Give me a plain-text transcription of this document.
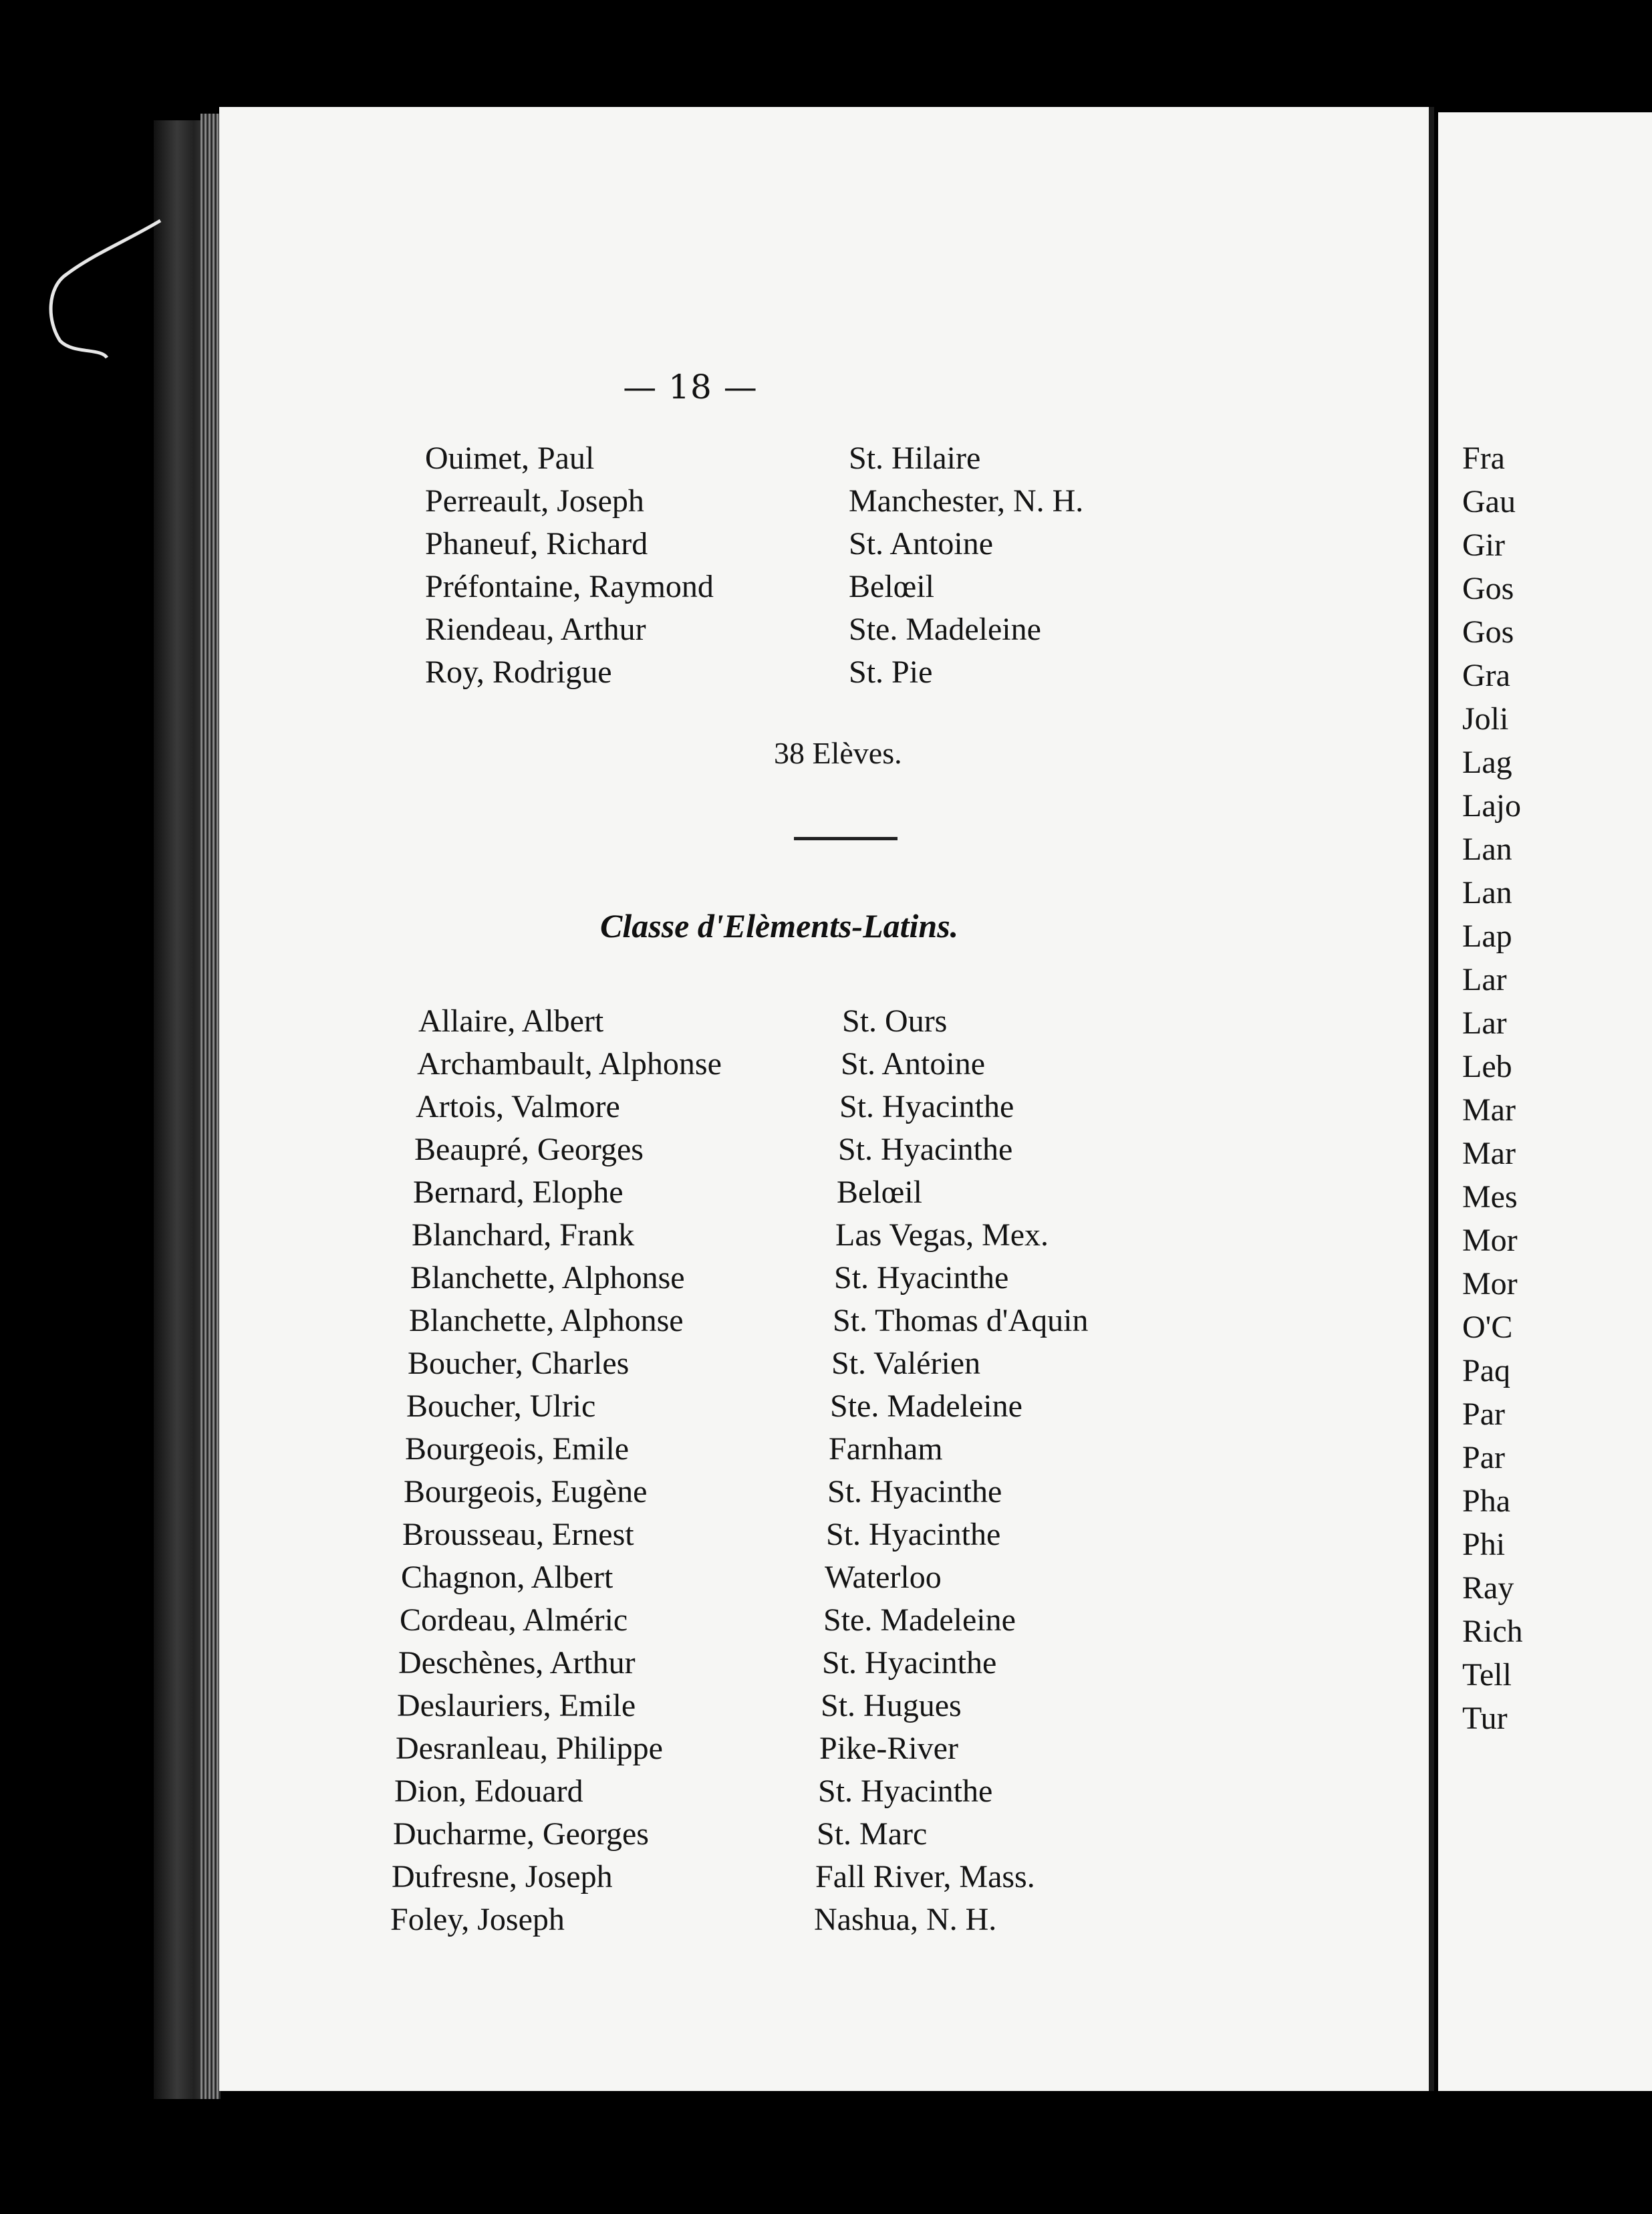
— 18 —
Ouimet, Paul	St. Hilaire
Perreault, Joseph	Manchester, N. H.
Phaneuf, Richard	St. Antoine
Préfontaine, Raymond	Belœil
Riendeau, Arthur	Ste. Madeleine
Roy, Rodrigue	St. Pie
38 Elèves.
Classe d'Elèments-Latins.
Allaire, Albert	St. Ours
Archambault, Alphonse	St. Antoine
Artois, Valmore	St. Hyacinthe
Beaupré, Georges	St. Hyacinthe
Bernard, Elophe	Belœil
Blanchard, Frank	Las Vegas, Mex.
Blanchette, Alphonse	St. Hyacinthe
Blanchette, Alphonse	St. Thomas d'Aquin
Boucher, Charles	St. Valérien
Boucher, Ulric	Ste. Madeleine
Bourgeois, Emile	Farnham
Bourgeois, Eugène	St. Hyacinthe
Brousseau, Ernest	St. Hyacinthe
Chagnon, Albert	Waterloo
Cordeau, Alméric	Ste. Madeleine
Deschènes, Arthur	St. Hyacinthe
Deslauriers, Emile	St. Hugues
Desranleau, Philippe	Pike-River
Dion, Edouard	St. Hyacinthe
Ducharme, Georges	St. Marc
Dufresne, Joseph	Fall River, Mass.
Foley, Joseph	Nashua, N. H.
Fra
Gau
Gir
Gos
Gos
Gra
Joli
Lag
Lajo
Lan
Lan
Lap
Lar
Lar
Leb
Mar
Mar
Mes
Mor
Mor
O'C
Paq
Par
Par
Pha
Phi
Ray
Rich
Tell
Tur
